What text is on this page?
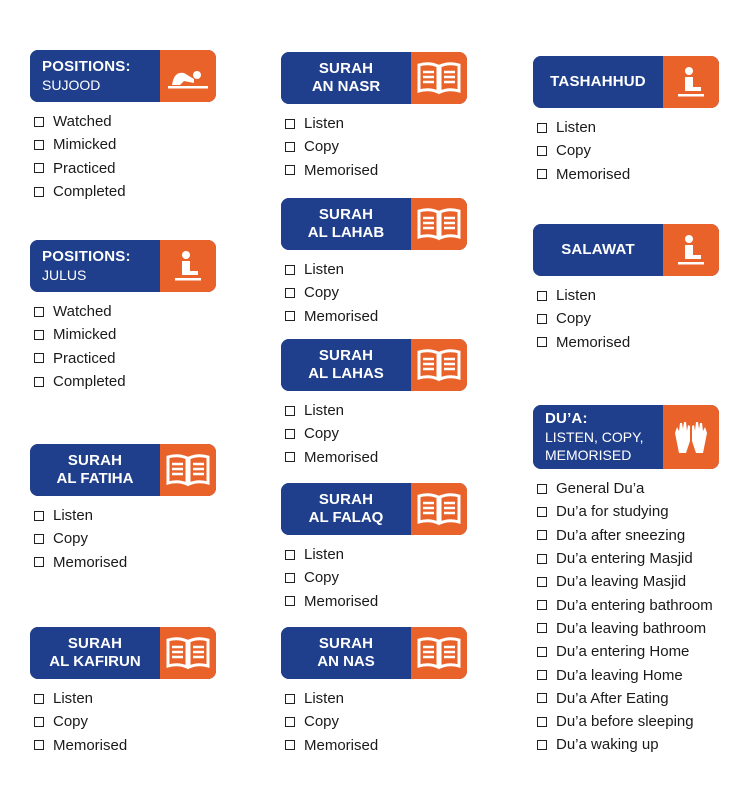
POSITIONS:
SUJOOD
Watched
Mimicked
Practiced
Completed
POSITIONS:
JULUS
Watched
Mimicked
Practiced
Completed
SURAH
AL FATIHA
Listen
Copy
Memorised
SURAH
AL KAFIRUN
Listen
Copy
Memorised
SURAH
AN NASR
Listen
Copy
Memorised
SURAH
AL LAHAB
Listen
Copy
Memorised
SURAH
AL LAHAS
Listen
Copy
Memorised
SURAH
AL FALAQ
Listen
Copy
Memorised
SURAH
AN NAS
Listen
Copy
Memorised
TASHAHHUD
Listen
Copy
Memorised
SALAWAT
Listen
Copy
Memorised
DU’A:
LISTEN, COPY,
MEMORISED
General Du’a
Du’a for studying
Du’a after sneezing
Du’a entering Masjid
Du’a leaving Masjid
Du’a entering bathroom
Du’a leaving bathroom
Du’a entering Home
Du’a leaving Home
Du’a After Eating
Du’a before sleeping
Du’a waking up
